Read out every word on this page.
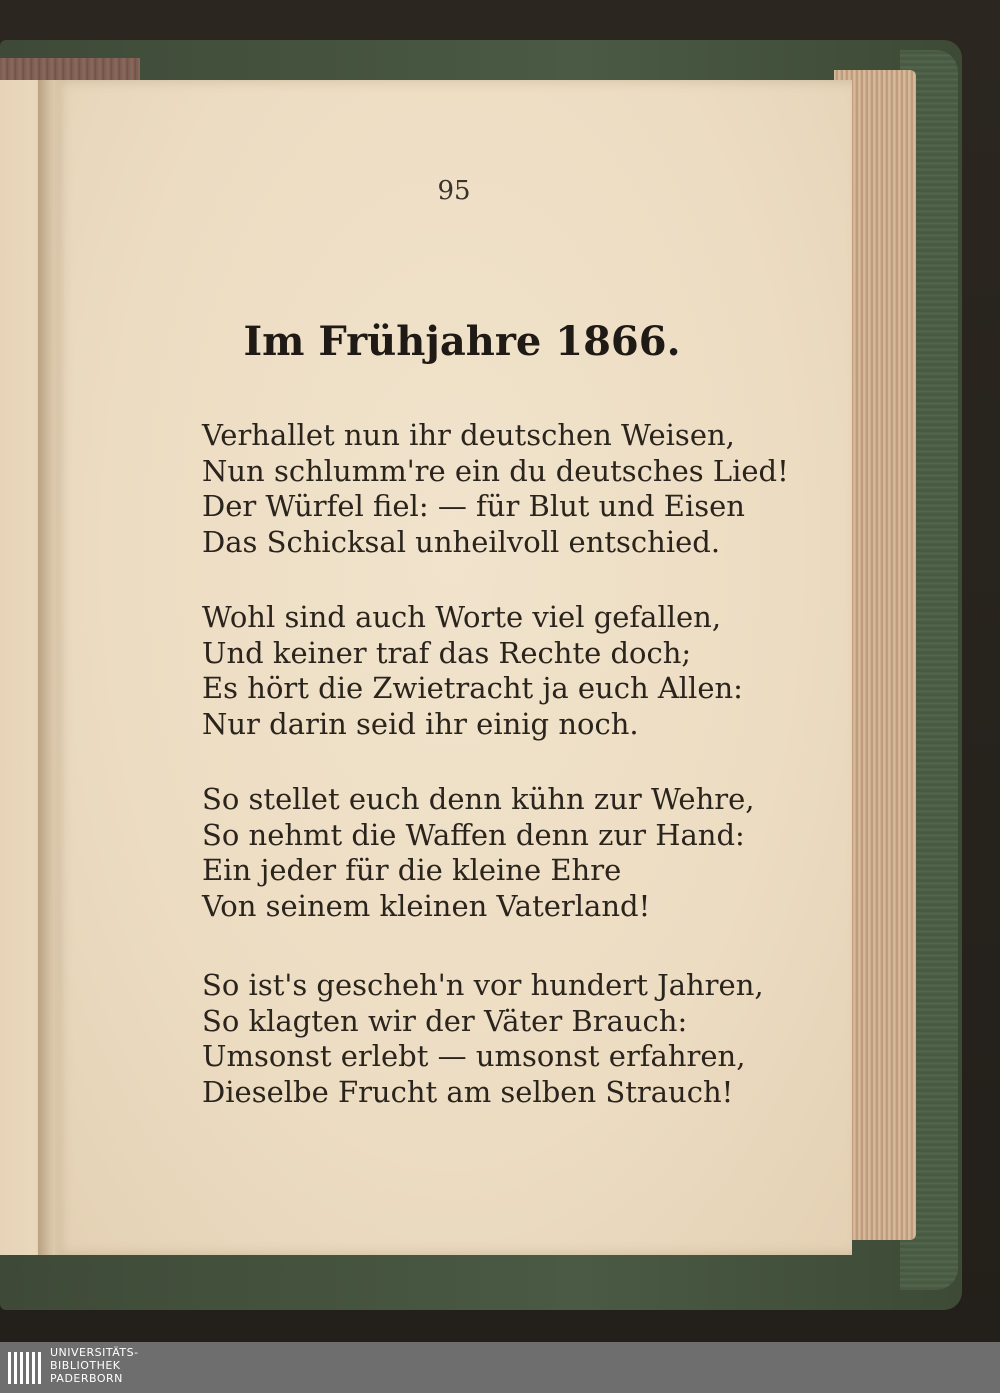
95
Im Frühjahre 1866.
Verhallet nun ihr deutschen Weisen,
Nun schlumm're ein du deutsches Lied!
Der Würfel fiel: — für Blut und Eisen
Das Schicksal unheilvoll entschied.
Wohl sind auch Worte viel gefallen,
Und keiner traf das Rechte doch;
Es hört die Zwietracht ja euch Allen:
Nur darin seid ihr einig noch.
So stellet euch denn kühn zur Wehre,
So nehmt die Waffen denn zur Hand:
Ein jeder für die kleine Ehre
Von seinem kleinen Vaterland!
So ist's gescheh'n vor hundert Jahren,
So klagten wir der Väter Brauch:
Umsonst erlebt — umsonst erfahren,
Dieselbe Frucht am selben Strauch!
UNIVERSITÄTS-
BIBLIOTHEK
PADERBORN
